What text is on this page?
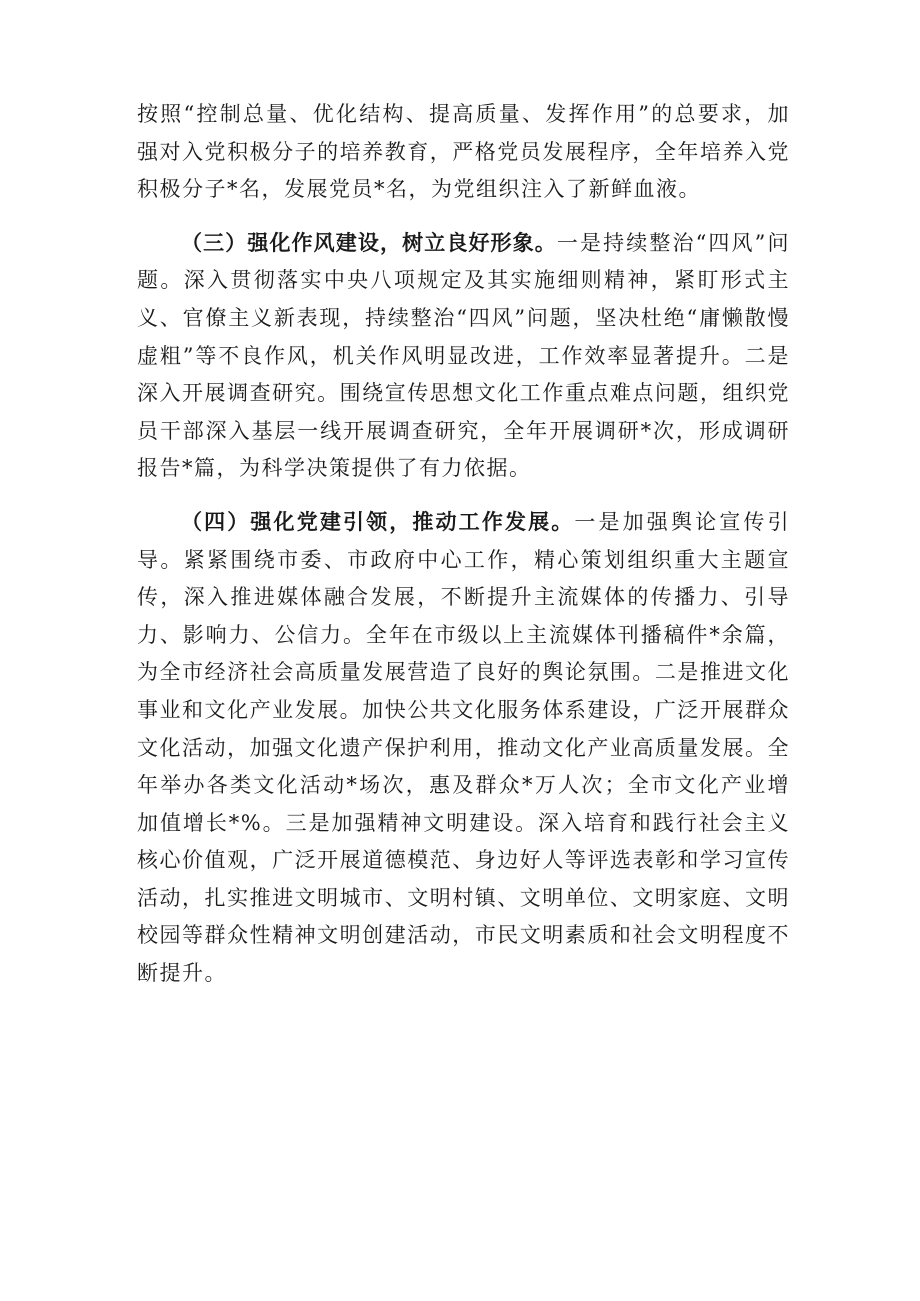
按照“控制总量、优化结构、提高质量、发挥作用”的总要求，加强对入党积极分子的培养教育，严格党员发展程序，全年培养入党积极分子*名，发展党员*名，为党组织注入了新鲜血液。

（三）强化作风建设，树立良好形象。一是持续整治“四风”问题。深入贯彻落实中央八项规定及其实施细则精神，紧盯形式主义、官僚主义新表现，持续整治“四风”问题，坚决杜绝“庸懒散慢虚粗”等不良作风，机关作风明显改进，工作效率显著提升。二是深入开展调查研究。围绕宣传思想文化工作重点难点问题，组织党员干部深入基层一线开展调查研究，全年开展调研*次，形成调研报告*篇，为科学决策提供了有力依据。

（四）强化党建引领，推动工作发展。一是加强舆论宣传引导。紧紧围绕市委、市政府中心工作，精心策划组织重大主题宣传，深入推进媒体融合发展，不断提升主流媒体的传播力、引导力、影响力、公信力。全年在市级以上主流媒体刊播稿件*余篇，为全市经济社会高质量发展营造了良好的舆论氛围。二是推进文化事业和文化产业发展。加快公共文化服务体系建设，广泛开展群众文化活动，加强文化遗产保护利用，推动文化产业高质量发展。全年举办各类文化活动*场次，惠及群众*万人次；全市文化产业增加值增长*%。三是加强精神文明建设。深入培育和践行社会主义核心价值观，广泛开展道德模范、身边好人等评选表彰和学习宣传活动，扎实推进文明城市、文明村镇、文明单位、文明家庭、文明校园等群众性精神文明创建活动，市民文明素质和社会文明程度不断提升。
